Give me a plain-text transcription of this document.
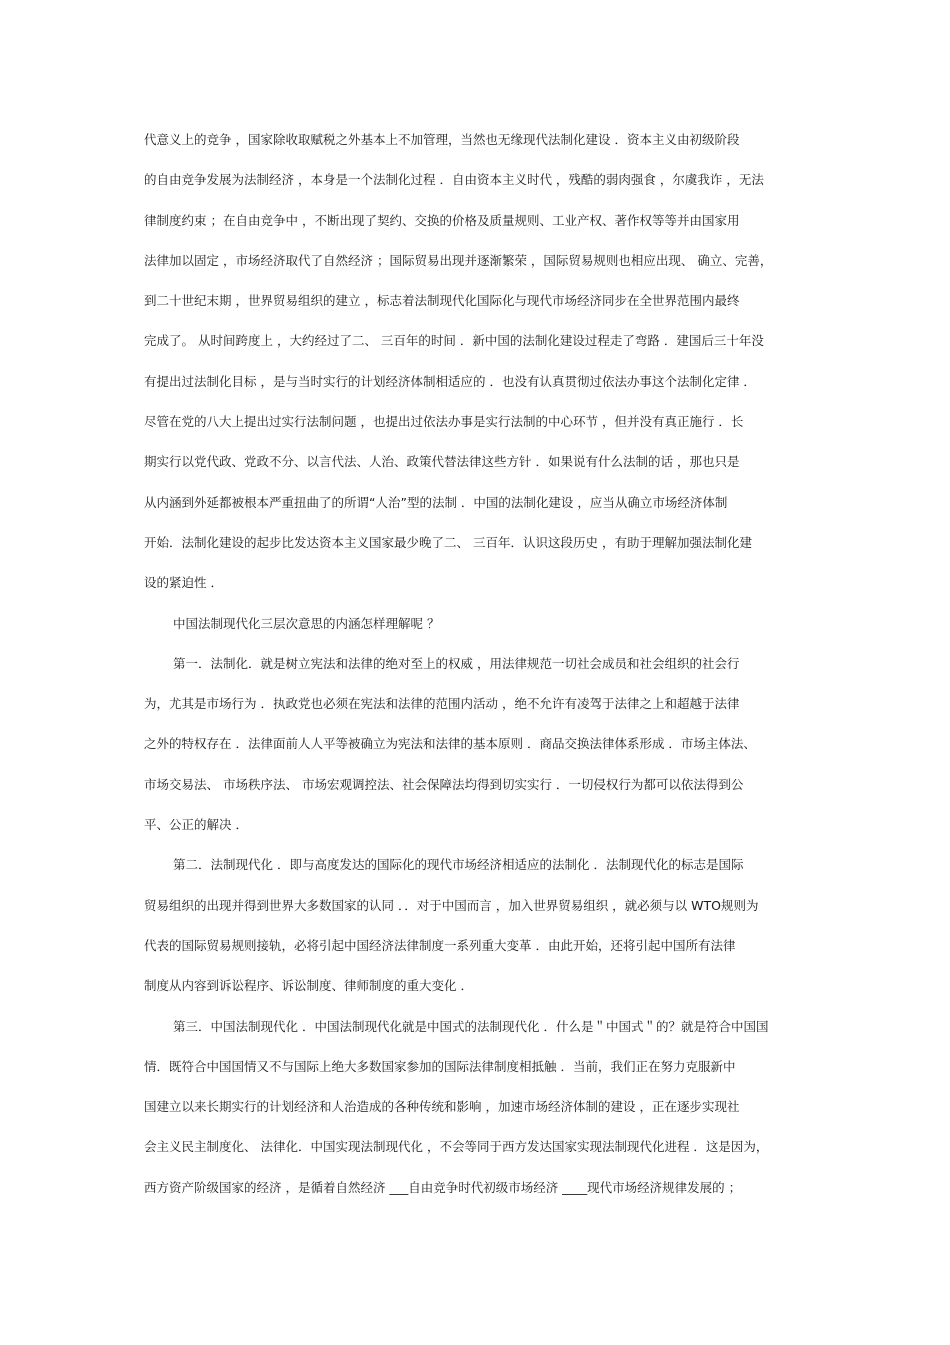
代意义上的竞争 ，国家除收取赋税之外基本上不加管理，当然也无缘现代法制化建设 ．资本主义由初级阶段
的自由竞争发展为法制经济 ，本身是一个法制化过程 ．自由资本主义时代 ，残酷的弱肉强食 ，尔虞我诈 ，无法
律制度约束 ；在自由竞争中 ，不断出现了契约、交换的价格及质量规则、工业产权、著作权等等并由国家用
法律加以固定 ，市场经济取代了自然经济 ；国际贸易出现并逐渐繁荣 ，国际贸易规则也相应出现、 确立、完善，
到二十世纪末期 ，世界贸易组织的建立 ，标志着法制现代化国际化与现代市场经济同步在全世界范围内最终
完成了。 从时间跨度上 ，大约经过了二、 三百年的时间 ．新中国的法制化建设过程走了弯路 ．建国后三十年没
有提出过法制化目标 ，是与当时实行的计划经济体制相适应的 ．也没有认真贯彻过依法办事这个法制化定律 ．
尽管在党的八大上提出过实行法制问题 ，也提出过依法办事是实行法制的中心环节 ，但并没有真正施行 ．长
期实行以党代政、党政不分、以言代法、人治、政策代替法律这些方针 ．如果说有什么法制的话 ，那也只是
从内涵到外延都被根本严重扭曲了的所谓“人治”型的法制 ．中国的法制化建设 ，应当从确立市场经济体制
开始．法制化建设的起步比发达资本主义国家最少晚了二、 三百年．认识这段历史 ，有助于理解加强法制化建
设的紧迫性 ．
中国法制现代化三层次意思的内涵怎样理解呢 ？
第一．法制化．就是树立宪法和法律的绝对至上的权威 ，用法律规范一切社会成员和社会组织的社会行
为，尤其是市场行为 ．执政党也必须在宪法和法律的范围内活动 ，绝不允许有凌驾于法律之上和超越于法律
之外的特权存在 ．法律面前人人平等被确立为宪法和法律的基本原则 ．商品交换法律体系形成 ．市场主体法、
市场交易法、 市场秩序法、 市场宏观调控法、社会保障法均得到切实实行 ．一切侵权行为都可以依法得到公
平、公正的解决 ．
第二．法制现代化 ．即与高度发达的国际化的现代市场经济相适应的法制化 ．法制现代化的标志是国际
贸易组织的出现并得到世界大多数国家的认同 ．．对于中国而言 ，加入世界贸易组织 ，就必须与以 WTO规则为
代表的国际贸易规则接轨，必将引起中国经济法律制度一系列重大变革 ．由此开始，还将引起中国所有法律
制度从内容到诉讼程序、诉讼制度、律师制度的重大变化 ．
第三．中国法制现代化 ．中国法制现代化就是中国式的法制现代化 ．什么是＂中国式＂的？就是符合中国国
情．既符合中国国情又不与国际上绝大多数国家参加的国际法律制度相抵触 ．当前，我们正在努力克服新中
国建立以来长期实行的计划经济和人治造成的各种传统和影响 ，加速市场经济体制的建设 ，正在逐步实现社
会主义民主制度化、 法律化．中国实现法制现代化 ，不会等同于西方发达国家实现法制现代化进程 ．这是因为，
西方资产阶级国家的经济 ，是循着自然经济 ___自由竞争时代初级市场经济 ____现代市场经济规律发展的 ；
